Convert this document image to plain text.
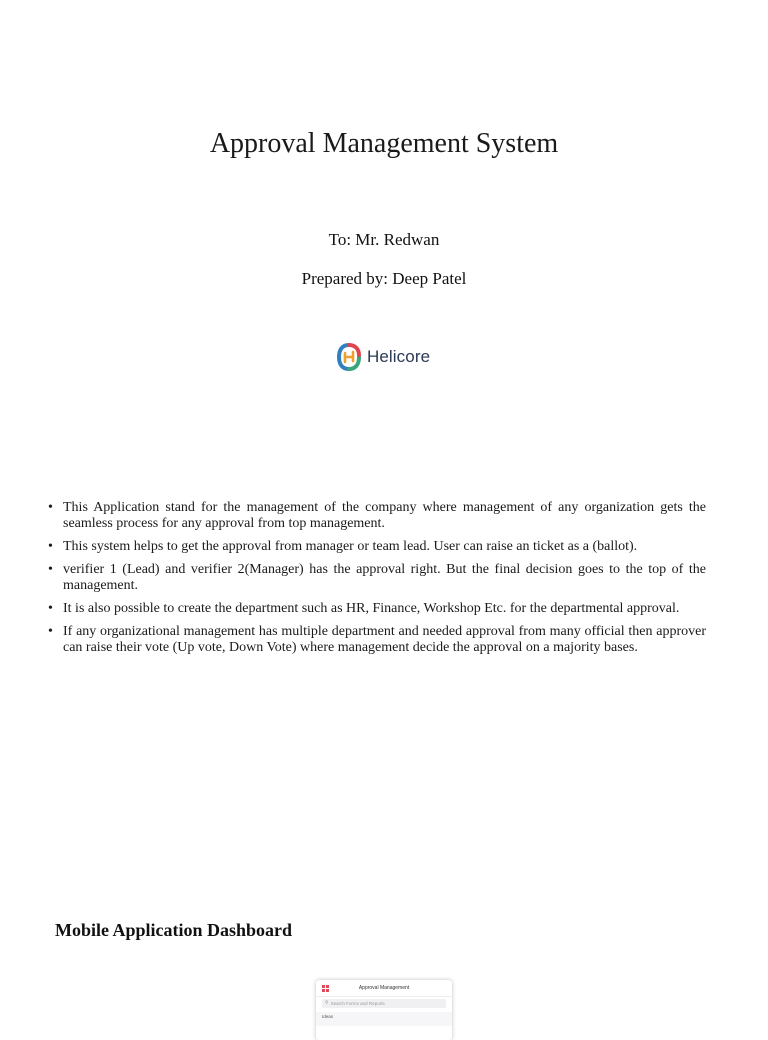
Approval Management System
To: Mr. Redwan
Prepared by: Deep Patel
Helicore
• This Application stand for the management of the company where management of any organization gets the seamless process for any approval from top management.
• This system helps to get the approval from manager or team lead. User can raise an ticket as a (ballot).
• verifier 1 (Lead) and verifier 2(Manager) has the approval right. But the final decision goes to the top of the management.
• It is also possible to create the department such as HR, Finance, Workshop Etc. for the departmental approval.
• If any organizational management has multiple department and needed approval from many official then approver can raise their vote (Up vote, Down Vote) where management decide the approval on a majority bases.
Mobile Application Dashboard
Approval Management
⚲ Search Forms and Reports
Ideas
